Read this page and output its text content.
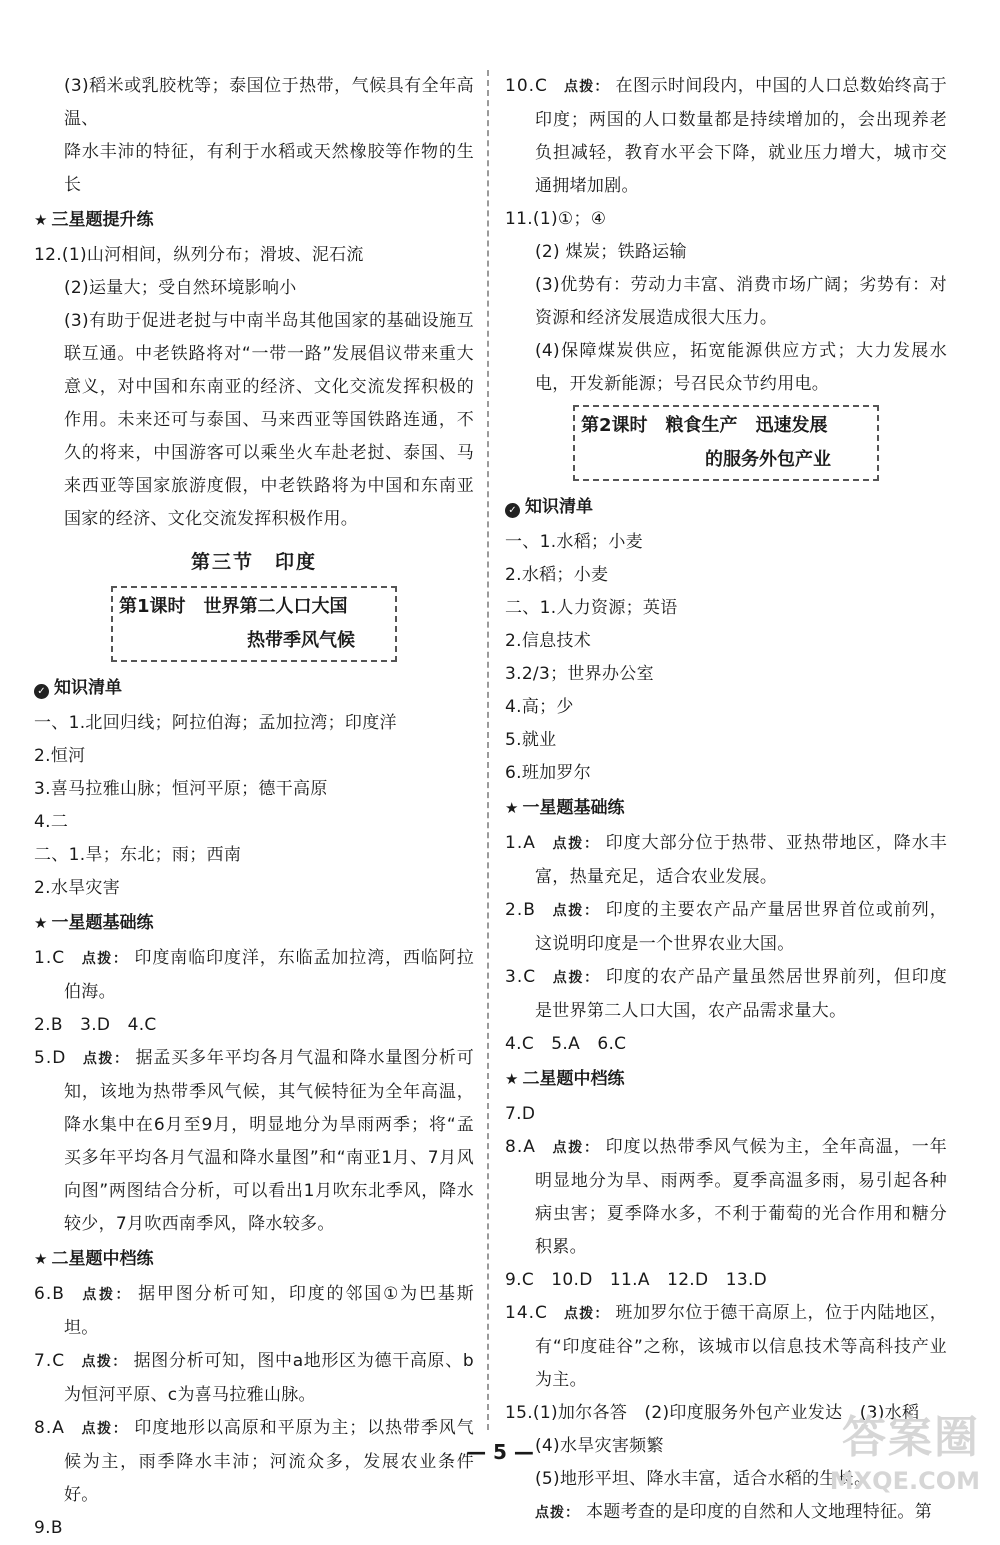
(3)稻米或乳胶枕等；泰国位于热带，气候具有全年高温、

降水丰沛的特征，有利于水稻或天然橡胶等作物的生长

★ 三星题提升练

12.(1)山河相间，纵列分布；滑坡、泥石流

(2)运量大；受自然环境影响小

(3)有助于促进老挝与中南半岛其他国家的基础设施互联互通。中老铁路将对“一带一路”发展倡议带来重大意义，对中国和东南亚的经济、文化交流发挥积极的作用。未来还可与泰国、马来西亚等国铁路连通，不久的将来，中国游客可以乘坐火车赴老挝、泰国、马来西亚等国家旅游度假，中老铁路将为中国和东南亚国家的经济、文化交流发挥积极作用。

第三节　印度
第1课时　世界第二人口大国
热带季风气候
✓ 知识清单

一、1.北回归线；阿拉伯海；孟加拉湾；印度洋

2.恒河

3.喜马拉雅山脉；恒河平原；德干高原

4.二

二、1.旱；东北；雨；西南

2.水旱灾害

★ 一星题基础练

1.C 点拨： 印度南临印度洋，东临孟加拉湾，西临阿拉伯海。

2.B　3.D　4.C

5.D 点拨： 据孟买多年平均各月气温和降水量图分析可知，该地为热带季风气候，其气候特征为全年高温，降水集中在6月至9月，明显地分为旱雨两季；将“孟买多年平均各月气温和降水量图”和“南亚1月、7月风向图”两图结合分析，可以看出1月吹东北季风，降水较少，7月吹西南季风，降水较多。

★ 二星题中档练

6.B 点拨： 据甲图分析可知，印度的邻国①为巴基斯坦。

7.C 点拨： 据图分析可知，图中a地形区为德干高原、b为恒河平原、c为喜马拉雅山脉。

8.A 点拨： 印度地形以高原和平原为主；以热带季风气候为主，雨季降水丰沛；河流众多，发展农业条件好。

9.B

10.C 点拨： 在图示时间段内，中国的人口总数始终高于印度；两国的人口数量都是持续增加的，会出现养老负担减轻，教育水平会下降，就业压力增大，城市交通拥堵加剧。

11.(1)①；④

(2) 煤炭；铁路运输

(3)优势有：劳动力丰富、消费市场广阔；劣势有：对资源和经济发展造成很大压力。

(4)保障煤炭供应，拓宽能源供应方式；大力发展水电，开发新能源；号召民众节约用电。

第2课时　粮食生产　迅速发展
的服务外包产业
✓ 知识清单

一、1.水稻；小麦

2.水稻；小麦

二、1.人力资源；英语

2.信息技术

3.2/3；世界办公室

4.高；少

5.就业

6.班加罗尔

★ 一星题基础练

1.A 点拨： 印度大部分位于热带、亚热带地区，降水丰富，热量充足，适合农业发展。

2.B 点拨： 印度的主要农产品产量居世界首位或前列，这说明印度是一个世界农业大国。

3.C 点拨： 印度的农产品产量虽然居世界前列，但印度是世界第二人口大国，农产品需求量大。

4.C　5.A　6.C

★ 二星题中档练

7.D

8.A 点拨： 印度以热带季风气候为主，全年高温，一年明显地分为旱、雨两季。夏季高温多雨，易引起各种病虫害；夏季降水多，不利于葡萄的光合作用和糖分积累。

9.C　10.D　11.A　12.D　13.D

14.C 点拨： 班加罗尔位于德干高原上，位于内陆地区，有“印度硅谷”之称，该城市以信息技术等高科技产业为主。

15.(1)加尔各答　(2)印度服务外包产业发达　(3)水稻

(4)水旱灾害频繁

(5)地形平坦、降水丰富，适合水稻的生长。

点拨： 本题考查的是印度的自然和人文地理特征。第

— 5 —	答案圈
MXQE.COM
